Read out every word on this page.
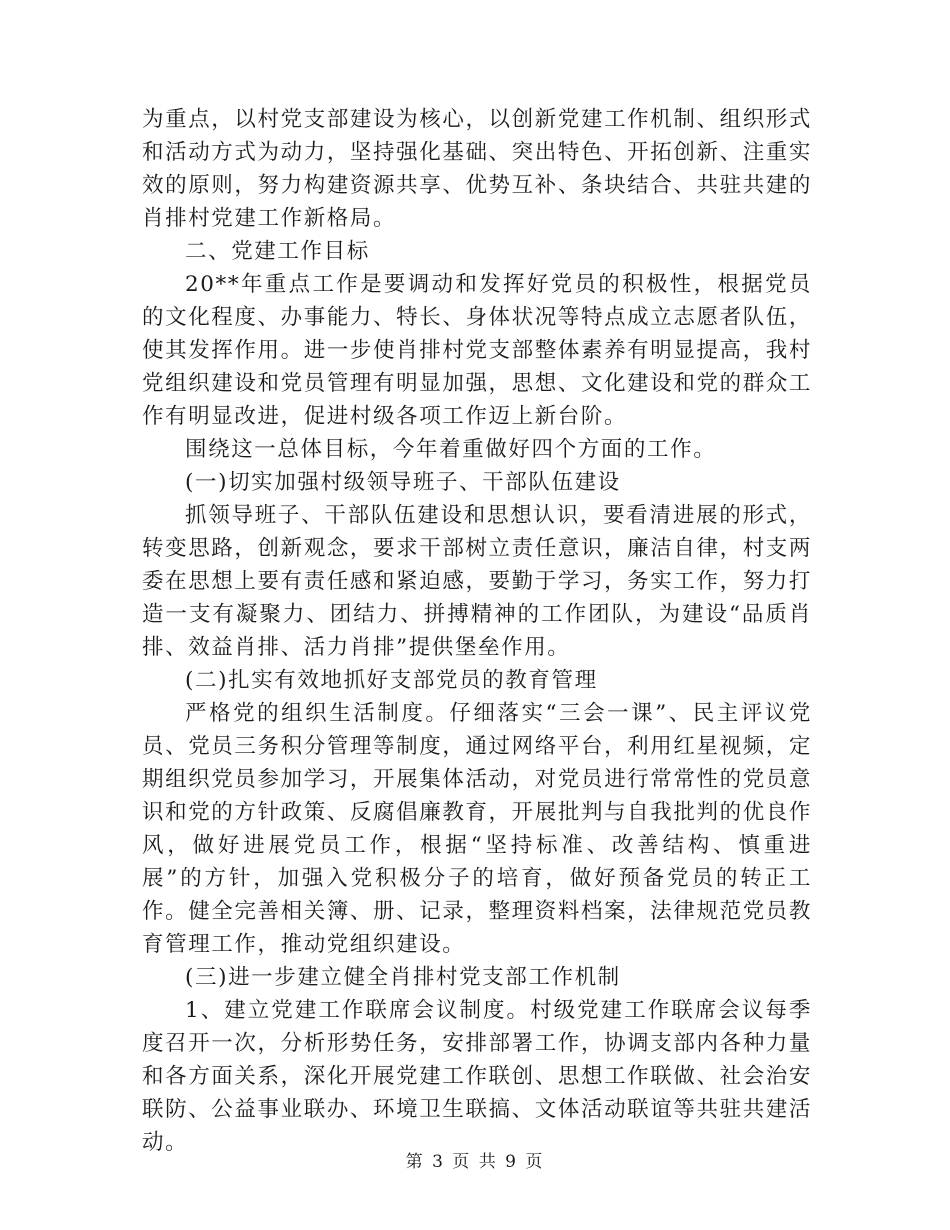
为重点，以村党支部建设为核心，以创新党建工作机制、组织形式和活动方式为动力，坚持强化基础、突出特色、开拓创新、注重实效的原则，努力构建资源共享、优势互补、条块结合、共驻共建的肖排村党建工作新格局。

二、党建工作目标

20**年重点工作是要调动和发挥好党员的积极性，根据党员的文化程度、办事能力、特长、身体状况等特点成立志愿者队伍，使其发挥作用。进一步使肖排村党支部整体素养有明显提高，我村党组织建设和党员管理有明显加强，思想、文化建设和党的群众工作有明显改进，促进村级各项工作迈上新台阶。

围绕这一总体目标，今年着重做好四个方面的工作。

(一)切实加强村级领导班子、干部队伍建设

抓领导班子、干部队伍建设和思想认识，要看清进展的形式，转变思路，创新观念，要求干部树立责任意识，廉洁自律，村支两委在思想上要有责任感和紧迫感，要勤于学习，务实工作，努力打造一支有凝聚力、团结力、拼搏精神的工作团队，为建设“品质肖排、效益肖排、活力肖排”提供堡垒作用。

(二)扎实有效地抓好支部党员的教育管理

严格党的组织生活制度。仔细落实“三会一课”、民主评议党员、党员三务积分管理等制度，通过网络平台，利用红星视频，定期组织党员参加学习，开展集体活动，对党员进行常常性的党员意识和党的方针政策、反腐倡廉教育，开展批判与自我批判的优良作风，做好进展党员工作，根据“坚持标准、改善结构、慎重进展”的方针，加强入党积极分子的培育，做好预备党员的转正工作。健全完善相关簿、册、记录，整理资料档案，法律规范党员教育管理工作，推动党组织建设。

(三)进一步建立健全肖排村党支部工作机制

1、建立党建工作联席会议制度。村级党建工作联席会议每季度召开一次，分析形势任务，安排部署工作，协调支部内各种力量和各方面关系，深化开展党建工作联创、思想工作联做、社会治安联防、公益事业联办、环境卫生联搞、文体活动联谊等共驻共建活动。

第 3 页 共 9 页
